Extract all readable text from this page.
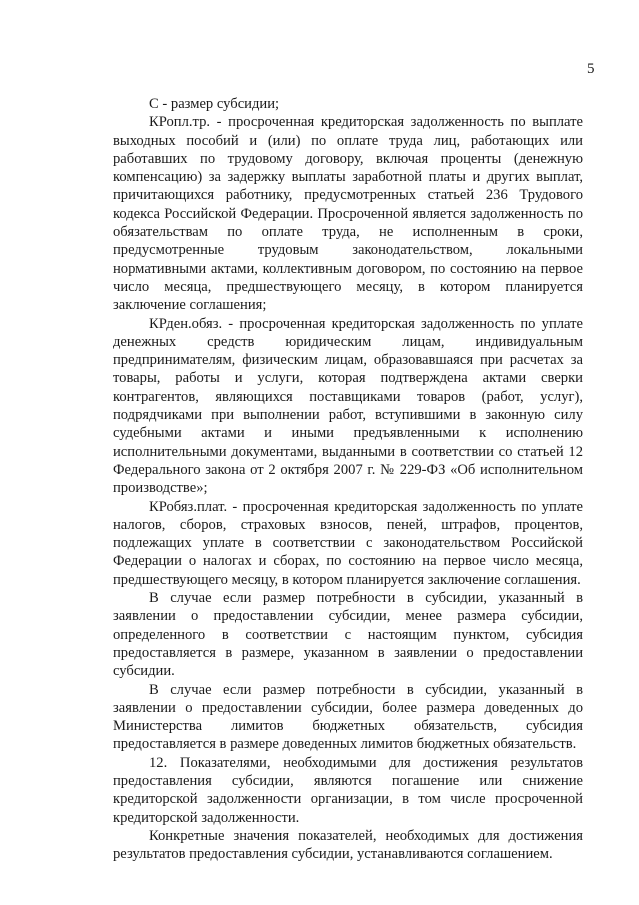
5

С - размер субсидии;

КРопл.тр. - просроченная кредиторская задолженность по выплате выходных пособий и (или) по оплате труда лиц, работающих или работавших по трудовому договору, включая проценты (денежную компенсацию) за задержку выплаты заработной платы и других выплат, причитающихся работнику, предусмотренных статьей 236 Трудового кодекса Российской Федерации. Просроченной является задолженность по обязательствам по оплате труда, не исполненным в сроки, предусмотренные трудовым законодательством, локальными нормативными актами, коллективным договором, по состоянию на первое число месяца, предшествующего месяцу, в котором планируется заключение соглашения;

КРден.обяз. - просроченная кредиторская задолженность по уплате денежных средств юридическим лицам, индивидуальным предпринимателям, физическим лицам, образовавшаяся при расчетах за товары, работы и услуги, которая подтверждена актами сверки контрагентов, являющихся поставщиками товаров (работ, услуг), подрядчиками при выполнении работ, вступившими в законную силу судебными актами и иными предъявленными к исполнению исполнительными документами, выданными в соответствии со статьей 12 Федерального закона от 2 октября 2007 г. № 229-ФЗ «Об исполнительном производстве»;

КРобяз.плат. - просроченная кредиторская задолженность по уплате налогов, сборов, страховых взносов, пеней, штрафов, процентов, подлежащих уплате в соответствии с законодательством Российской Федерации о налогах и сборах, по состоянию на первое число месяца, предшествующего месяцу, в котором планируется заключение соглашения.

В случае если размер потребности в субсидии, указанный в заявлении о предоставлении субсидии, менее размера субсидии, определенного в соответствии с настоящим пунктом, субсидия предоставляется в размере, указанном в заявлении о предоставлении субсидии.

В случае если размер потребности в субсидии, указанный в заявлении о предоставлении субсидии, более размера доведенных до Министерства лимитов бюджетных обязательств, субсидия предоставляется в размере доведенных лимитов бюджетных обязательств.

12. Показателями, необходимыми для достижения результатов предоставления субсидии, являются погашение или снижение кредиторской задолженности организации, в том числе просроченной кредиторской задолженности.

Конкретные значения показателей, необходимых для достижения результатов предоставления субсидии, устанавливаются соглашением.
